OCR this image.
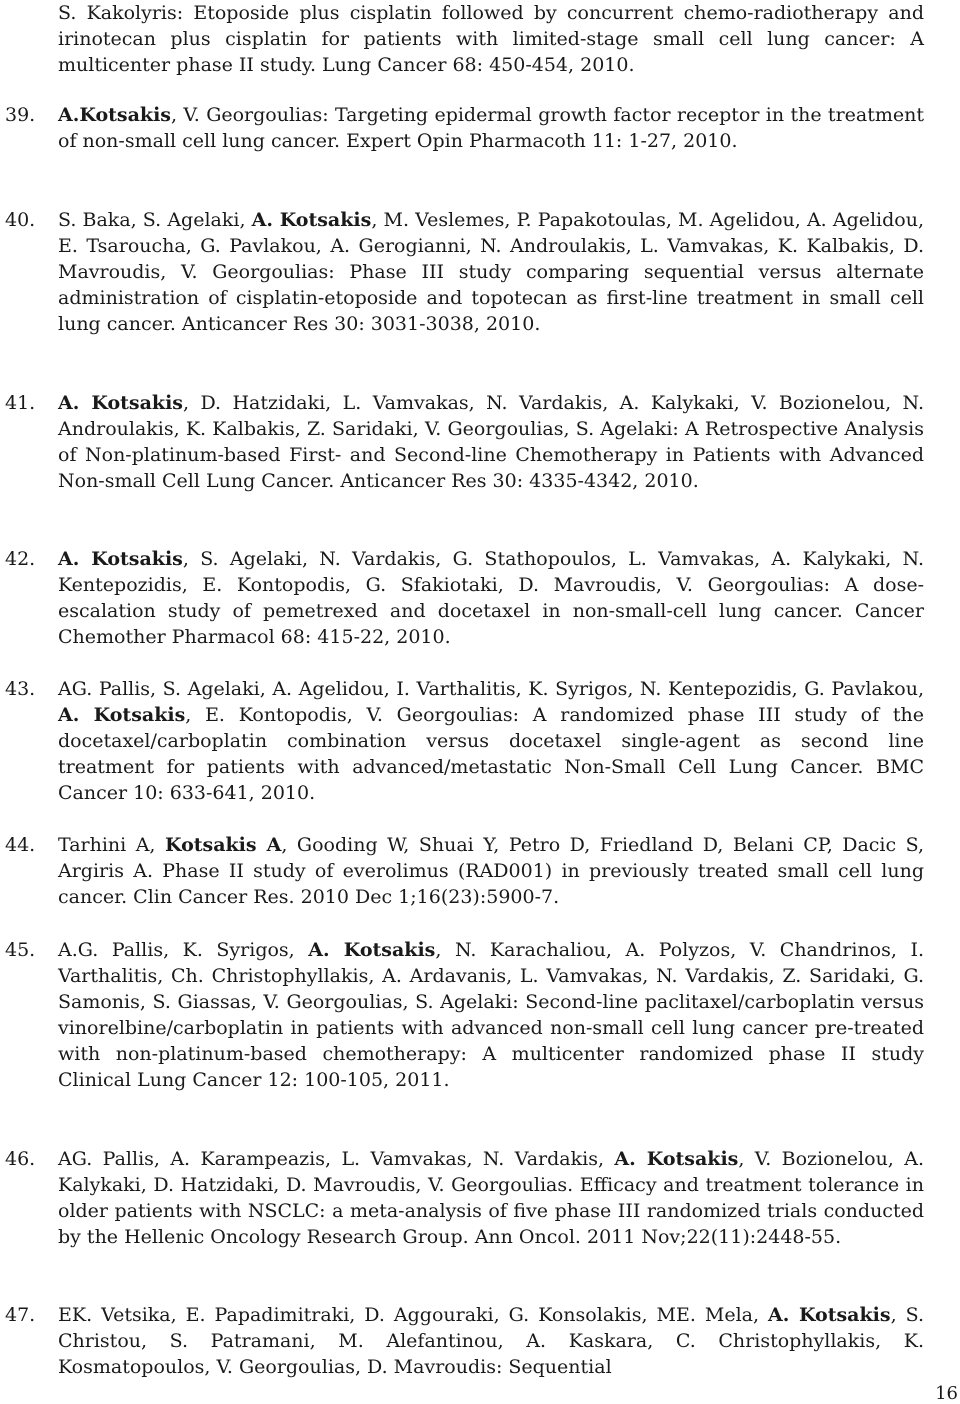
S. Kakolyris: Etoposide plus cisplatin followed by concurrent chemo-radiotherapy and irinotecan plus cisplatin for patients with limited-stage small cell lung cancer: A multicenter phase II study. Lung Cancer 68: 450-454, 2010.
39.	A.Kotsakis, V. Georgoulias: Targeting epidermal growth factor receptor in the treatment of non-small cell lung cancer. Expert Opin Pharmacoth 11: 1-27, 2010.
40.	S. Baka, S. Agelaki, A. Kotsakis, M. Veslemes, P. Papakotoulas, M. Agelidou, A. Agelidou, E. Tsaroucha, G. Pavlakou, A. Gerogianni, N. Androulakis, L. Vamvakas, K. Kalbakis, D. Mavroudis, V. Georgoulias: Phase III study comparing sequential versus alternate administration of cisplatin-etoposide and topotecan as first-line treatment in small cell lung cancer. Anticancer Res 30: 3031-3038, 2010.
41.	A. Kotsakis, D. Hatzidaki, L. Vamvakas, N. Vardakis, A. Kalykaki, V. Bozionelou, N. Androulakis, K. Kalbakis, Z. Saridaki, V. Georgoulias, S. Agelaki: A Retrospective Analysis of Non-platinum-based First- and Second-line Chemotherapy in Patients with Advanced Non-small Cell Lung Cancer. Anticancer Res 30: 4335-4342, 2010.
42.	A. Kotsakis, S. Agelaki, N. Vardakis, G. Stathopoulos, L. Vamvakas, A. Kalykaki, N. Kentepozidis, E. Kontopodis, G. Sfakiotaki, D. Mavroudis, V. Georgoulias: A dose-escalation study of pemetrexed and docetaxel in non-small-cell lung cancer. Cancer Chemother Pharmacol 68: 415-22, 2010.
43.	AG. Pallis, S. Agelaki, A. Agelidou, I. Varthalitis, K. Syrigos, N. Kentepozidis, G. Pavlakou, A. Kotsakis, E. Kontopodis, V. Georgoulias: A randomized phase III study of the docetaxel/carboplatin combination versus docetaxel single-agent as second line treatment for patients with advanced/metastatic Non-Small Cell Lung Cancer. BMC Cancer 10: 633-641, 2010.
44.	Tarhini A, Kotsakis A, Gooding W, Shuai Y, Petro D, Friedland D, Belani CP, Dacic S, Argiris A. Phase II study of everolimus (RAD001) in previously treated small cell lung cancer. Clin Cancer Res. 2010 Dec 1;16(23):5900-7.
45.	A.G. Pallis, K. Syrigos, A. Kotsakis, N. Karachaliou, A. Polyzos, V. Chandrinos, I. Varthalitis, Ch. Christophyllakis, A. Ardavanis, L. Vamvakas, N. Vardakis, Z. Saridaki, G. Samonis, S. Giassas, V. Georgoulias, S. Agelaki: Second-line paclitaxel/carboplatin versus vinorelbine/carboplatin in patients with advanced non-small cell lung cancer pre-treated with non-platinum-based chemotherapy: A multicenter randomized phase II study Clinical Lung Cancer 12: 100-105, 2011.
46.	AG. Pallis, A. Karampeazis, L. Vamvakas, N. Vardakis, A. Kotsakis, V. Bozionelou, A. Kalykaki, D. Hatzidaki, D. Mavroudis, V. Georgoulias. Efficacy and treatment tolerance in older patients with NSCLC: a meta-analysis of five phase III randomized trials conducted by the Hellenic Oncology Research Group. Ann Oncol. 2011 Nov;22(11):2448-55.
47.	EK. Vetsika, E. Papadimitraki, D. Aggouraki, G. Konsolakis, ME. Mela, A. Kotsakis, S. Christou, S. Patramani, M. Alefantinou, A. Kaskara, C. Christophyllakis, K. Kosmatopoulos, V. Georgoulias, D. Mavroudis: Sequential
16
